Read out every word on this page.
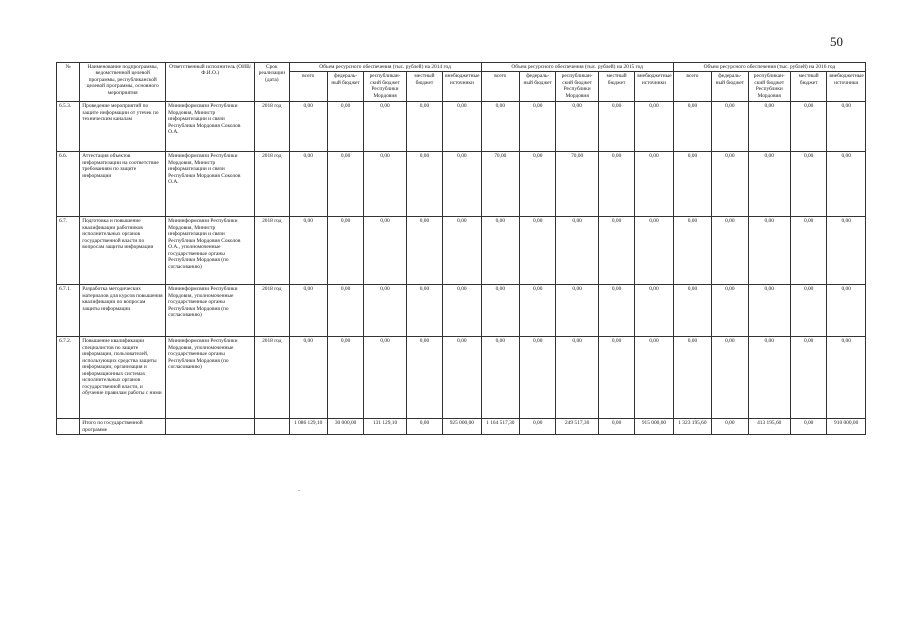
50
№	Наименование подпрограммы, ведомственной целевой программы, республиканской целевой программы, основного мероприятия	Ответственный исполнитель (ОИВ/Ф.И.О.)	Срок реализации (дата)	Объем ресурсного обеспечения (тыс. рублей) на 2014 год					Объем ресурсного обеспечения (тыс. рублей) на 2015 год					Объем ресурсного обеспечения (тыс. рублей) на 2016 год				
				всего	федераль-ный бюджет	республикан-ский бюджет Республики Мордовия	местный бюджет	внебюджетные источники	всего	федераль-ный бюджет	республикан-ский бюджет Республики Мордовия	местный бюджет	внебюджетные источники	всего	федераль-ный бюджет	республикан-ский бюджет Республики Мордовия	местный бюджет	внебюджетные источники
6.5.3.	Проведение мероприятий по защите информации от утечек по техническим каналам	Мининформсвязи Республики Мордовия, Министр информатизации и связи Республики Мордовия Соколов О.А.	2018 год	0,00	0,00	0,00	0,00	0,00	0,00	0,00	0,00	0,00	0,00	0,00	0,00	0,00	0,00	0,00
6.6.	Аттестация объектов информатизации на соответствие требованиям по защите информации	Мининформсвязи Республики Мордовия, Министр информатизации и связи Республики Мордовия Соколов О.А.	2018 год	0,00	0,00	0,00	0,00	0,00	70,00	0,00	70,00	0,00	0,00	0,00	0,00	0,00	0,00	0,00
6.7.	Подготовка и повышение квалификации работников исполнительных органов государственной власти по вопросам защиты информации	Мининформсвязи Республики Мордовия, Министр информатизации и связи Республики Мордовия Соколов О.А., уполномоченные государственные органы Республики Мордовия (по согласованию)	2018 год	0,00	0,00	0,00	0,00	0,00	0,00	0,00	0,00	0,00	0,00	0,00	0,00	0,00	0,00	0,00
6.7.1.	Разработка методических материалов для курсов повышения квалификации по вопросам защиты информации	Мининформсвязи Республики Мордовия, уполномоченные государственные органы Республики Мордовия (по согласованию)	2018 год	0,00	0,00	0,00	0,00	0,00	0,00	0,00	0,00	0,00	0,00	0,00	0,00	0,00	0,00	0,00
6.7.2.	Повышение квалификации специалистов по защите информации, пользователей, использующих средства защиты информации, организация и информационных системах исполнительных органов государственной власти, и обучение правилам работы с ними	Мининформсвязи Республики Мордовия, уполномоченные государственные органы Республики Мордовия (по согласованию)	2018 год	0,00	0,00	0,00	0,00	0,00	0,00	0,00	0,00	0,00	0,00	0,00	0,00	0,00	0,00	0,00
	Итого по государственной программе			1 086 129,10	30 000,00	131 129,10	0,00	925 000,00	1 164 517,30	0,00	249 517,30	0,00	915 000,00	1 323 195,60	0,00	413 195,60	0,00	910 000,00
